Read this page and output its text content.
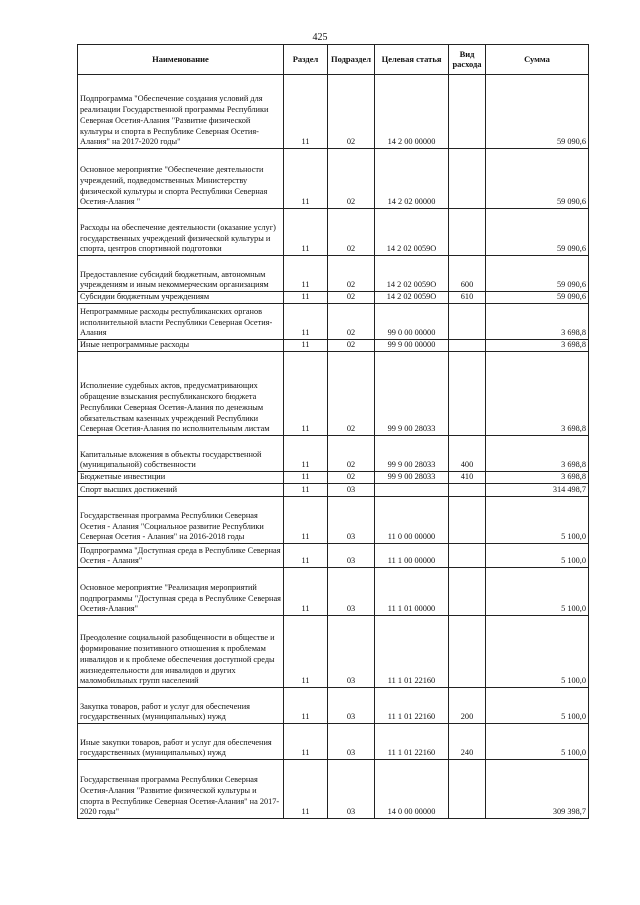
425
Наименование	Раздел	Подраздел	Целевая статья	Вид расхода	Сумма
Подпрограмма "Обеспечение создания условий для реализации Государственной программы Республики Северная Осетия-Алания "Развитие физической культуры и спорта в Республике Северная Осетия-Алания" на 2017-2020 годы"	11	02	14 2 00 00000		59 090,6
Основное мероприятие "Обеспечение деятельности учреждений, подведомственных Министерству физической культуры и спорта Республики Северная Осетия-Алания "	11	02	14 2 02 00000		59 090,6
Расходы на обеспечение деятельности (оказание услуг) государственных учреждений физической культуры и спорта, центров спортивной подготовки	11	02	14 2 02 0059О		59 090,6
Предоставление субсидий бюджетным, автономным учреждениям и иным некоммерческим организациям	11	02	14 2 02 0059О	600	59 090,6
Субсидии бюджетным учреждениям	11	02	14 2 02 0059О	610	59 090,6
Непрограммные расходы республиканских органов исполнительной власти Республики Северная Осетия-Алания	11	02	99 0 00 00000		3 698,8
Иные непрограммные расходы	11	02	99 9 00 00000		3 698,8
Исполнение судебных актов, предусматривающих обращение взыскания республиканского бюджета Республики Северная Осетия-Алания по денежным обязательствам казенных учреждений Республики Северная Осетия-Алания по исполнительным листам	11	02	99 9 00 28033		3 698,8
Капитальные вложения в объекты государственной (муниципальной) собственности	11	02	99 9 00 28033	400	3 698,8
Бюджетные инвестиции	11	02	99 9 00 28033	410	3 698,8
Спорт высших достижений	11	03			314 498,7
Государственная программа Республики Северная Осетия - Алания "Социальное развитие Республики Северная Осетия - Алания" на 2016-2018 годы	11	03	11 0 00 00000		5 100,0
Подпрограмма "Доступная среда в Республике Северная Осетия - Алания"	11	03	11 1 00 00000		5 100,0
Основное мероприятие "Реализация мероприятий подпрограммы "Доступная среда в Республике Северная Осетия-Алания"	11	03	11 1 01 00000		5 100,0
Преодоление социальной разобщенности в обществе и формирование позитивного отношения к проблемам инвалидов и к проблеме обеспечения доступной среды жизнедеятельности для инвалидов и других маломобильных групп населений	11	03	11 1 01 22160		5 100,0
Закупка товаров, работ и услуг для обеспечения государственных (муниципальных) нужд	11	03	11 1 01 22160	200	5 100,0
Иные закупки товаров, работ и услуг для обеспечения государственных (муниципальных) нужд	11	03	11 1 01 22160	240	5 100,0
Государственная программа Республики Северная Осетия-Алания "Развитие физической культуры и спорта в Республике Северная Осетия-Алания" на 2017-2020 годы"	11	03	14 0 00 00000		309 398,7
